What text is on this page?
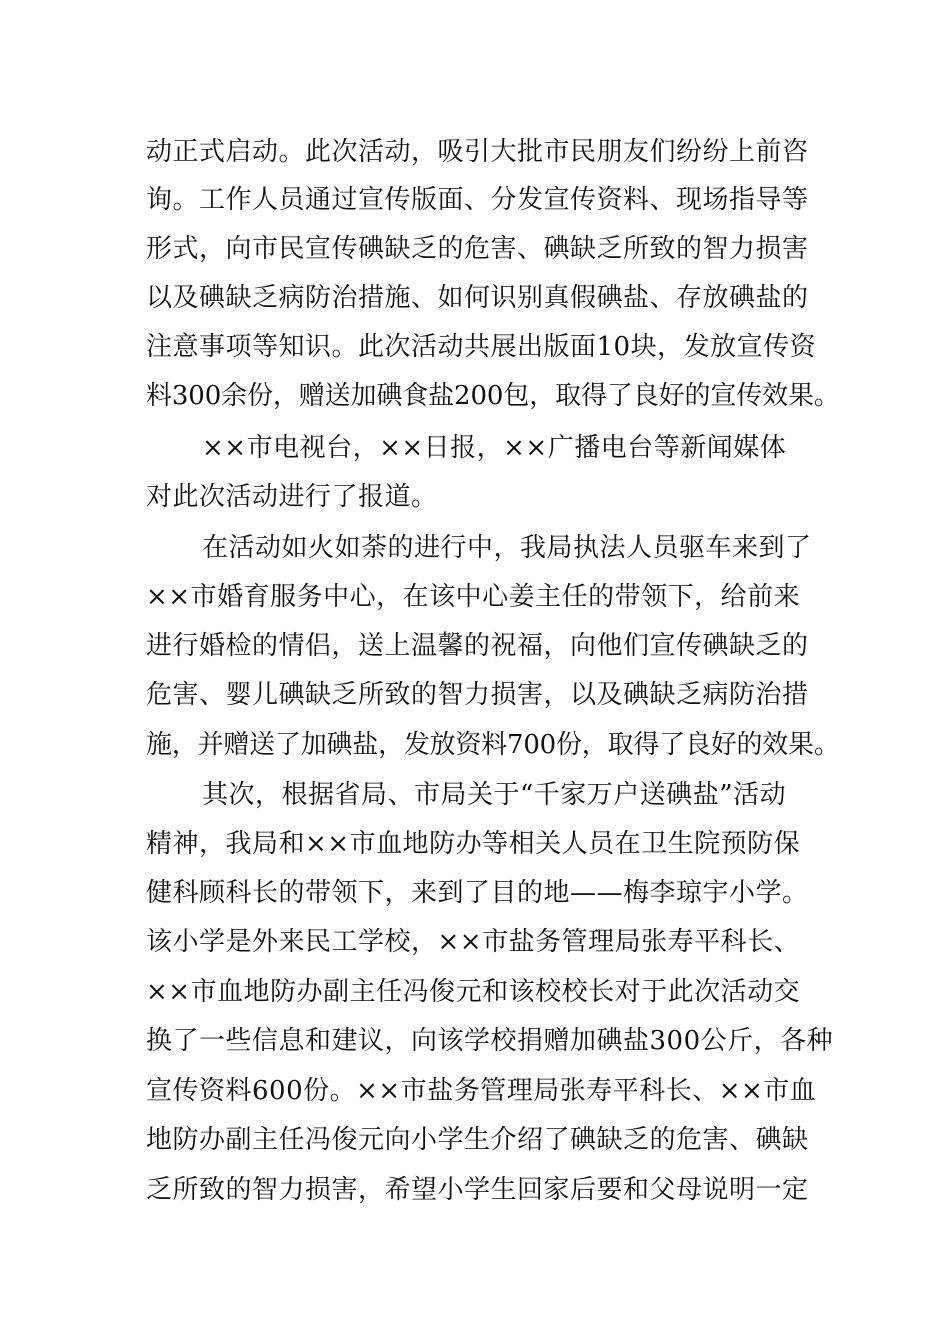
动正式启动。此次活动，吸引大批市民朋友们纷纷上前咨
询。工作人员通过宣传版面、分发宣传资料、现场指导等
形式，向市民宣传碘缺乏的危害、碘缺乏所致的智力损害
以及碘缺乏病防治措施、如何识别真假碘盐、存放碘盐的
注意事项等知识。此次活动共展出版面10块，发放宣传资
料300余份，赠送加碘食盐200包，取得了良好的宣传效果。
××市电视台，××日报，××广播电台等新闻媒体
对此次活动进行了报道。
在活动如火如荼的进行中，我局执法人员驱车来到了
××市婚育服务中心，在该中心姜主任的带领下，给前来
进行婚检的情侣，送上温馨的祝福，向他们宣传碘缺乏的
危害、婴儿碘缺乏所致的智力损害，以及碘缺乏病防治措
施，并赠送了加碘盐，发放资料700份，取得了良好的效果。
其次，根据省局、市局关于“千家万户送碘盐”活动
精神，我局和××市血地防办等相关人员在卫生院预防保
健科顾科长的带领下，来到了目的地——梅李琼宇小学。
该小学是外来民工学校，××市盐务管理局张寿平科长、
××市血地防办副主任冯俊元和该校校长对于此次活动交
换了一些信息和建议，向该学校捐赠加碘盐300公斤，各种
宣传资料600份。××市盐务管理局张寿平科长、××市血
地防办副主任冯俊元向小学生介绍了碘缺乏的危害、碘缺
乏所致的智力损害，希望小学生回家后要和父母说明一定
